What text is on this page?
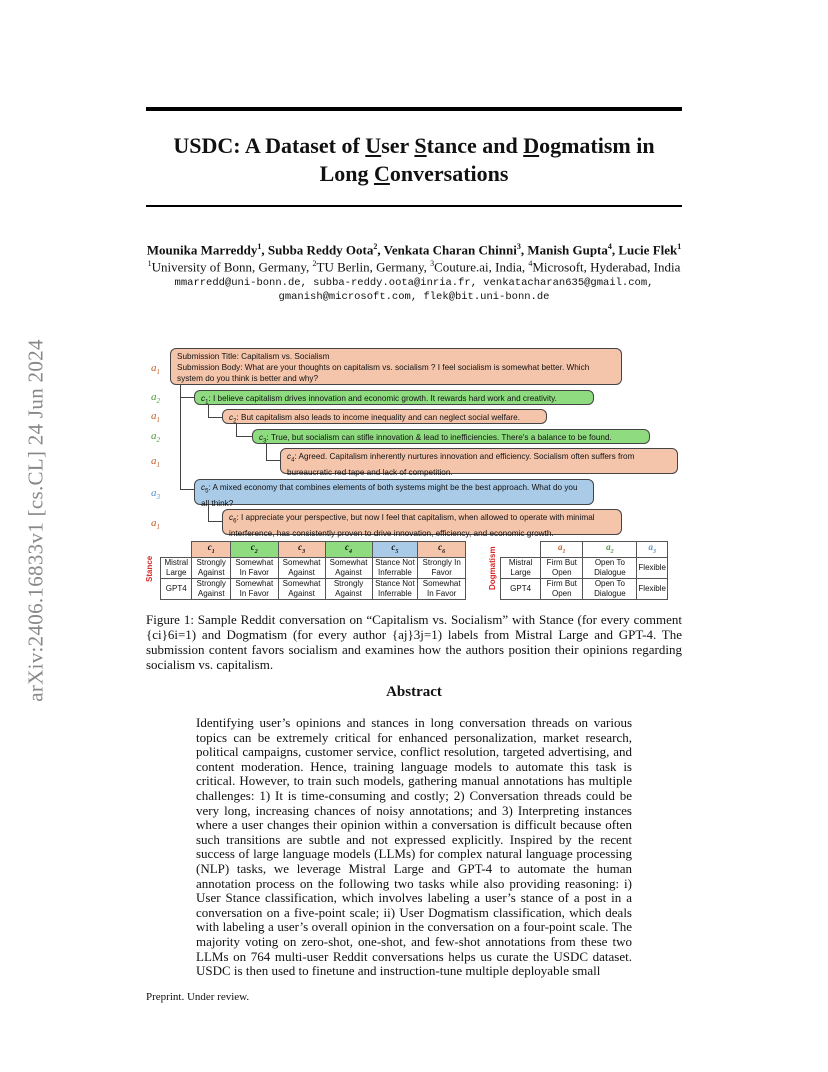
arXiv:2406.16833v1 [cs.CL] 24 Jun 2024
USDC: A Dataset of User Stance and Dogmatism in
Long Conversations
Mounika Marreddy$^1$, Subba Reddy Oota$^2$, Venkata Charan Chinni$^3$, Manish Gupta$^4$, Lucie Flek$^1$
$^1$University of Bonn, Germany, $^2$TU Berlin, Germany, $^3$Couture.ai, India, $^4$Microsoft, Hyderabad, India
mmarredd@uni-bonn.de, subba-reddy.oota@inria.fr, venkatacharan635@gmail.com,
gmanish@microsoft.com, flek@bit.uni-bonn.de
$a_1$
Submission Title: Capitalism vs. Socialism
Submission Body: What are your thoughts on capitalism vs. socialism ? I feel socialism is somewhat better. Which system do you think is better and why?
$a_2$	$c_1$: I believe capitalism drives innovation and economic growth. It rewards hard work and creativity.
$a_1$	$c_2$: But capitalism also leads to income inequality and can neglect social welfare.
$a_2$	$c_3$: True, but socialism can stifle innovation & lead to inefficiencies. There's a balance to be found.
$a_1$
$c_4$: Agreed. Capitalism inherently nurtures innovation and efficiency. Socialism often suffers from bureaucratic red tape and lack of competition.
$a_3$
$c_5$: A mixed economy that combines elements of both systems might be the best approach. What do you all think?
$a_1$
$c_6$: I appreciate your perspective, but now I feel that capitalism, when allowed to operate with minimal interference, has consistently proven to drive innovation, efficiency, and economic growth.
Stance
	$c_1$	$c_2$	$c_3$	$c_4$	$c_5$	$c_6$
Mistral Large	Strongly Against	Somewhat In Favor	Somewhat Against	Somewhat Against	Stance Not Inferrable	Strongly In Favor
GPT4	Strongly Against	Somewhat In Favor	Somewhat Against	Strongly Against	Stance Not Inferrable	Somewhat In Favor
Dogmatism
		$a_1$	$a_2$	$a_3$
Mistral Large	Firm But Open	Open To Dialogue	Flexible
GPT4	Firm But Open	Open To Dialogue	Flexible
Figure 1: Sample Reddit conversation on “Capitalism vs. Socialism” with Stance (for every comment {ci}6i=1) and Dogmatism (for every author {aj}3j=1) labels from Mistral Large and GPT-4. The submission content favors socialism and examines how the authors position their opinions regarding socialism vs. capitalism.
Abstract
Identifying user’s opinions and stances in long conversation threads on various topics can be extremely critical for enhanced personalization, market research, political campaigns, customer service, conflict resolution, targeted advertising, and content moderation. Hence, training language models to automate this task is critical. However, to train such models, gathering manual annotations has multiple challenges: 1) It is time-consuming and costly; 2) Conversation threads could be very long, increasing chances of noisy annotations; and 3) Interpreting instances where a user changes their opinion within a conversation is difficult because often such transitions are subtle and not expressed explicitly. Inspired by the recent success of large language models (LLMs) for complex natural language processing (NLP) tasks, we leverage Mistral Large and GPT-4 to automate the human annotation process on the following two tasks while also providing reasoning: i) User Stance classification, which involves labeling a user’s stance of a post in a conversation on a five-point scale; ii) User Dogmatism classification, which deals with labeling a user’s overall opinion in the conversation on a four-point scale. The majority voting on zero-shot, one-shot, and few-shot annotations from these two LLMs on 764 multi-user Reddit conversations helps us curate the USDC dataset. USDC is then used to finetune and instruction-tune multiple deployable small
Preprint. Under review.
